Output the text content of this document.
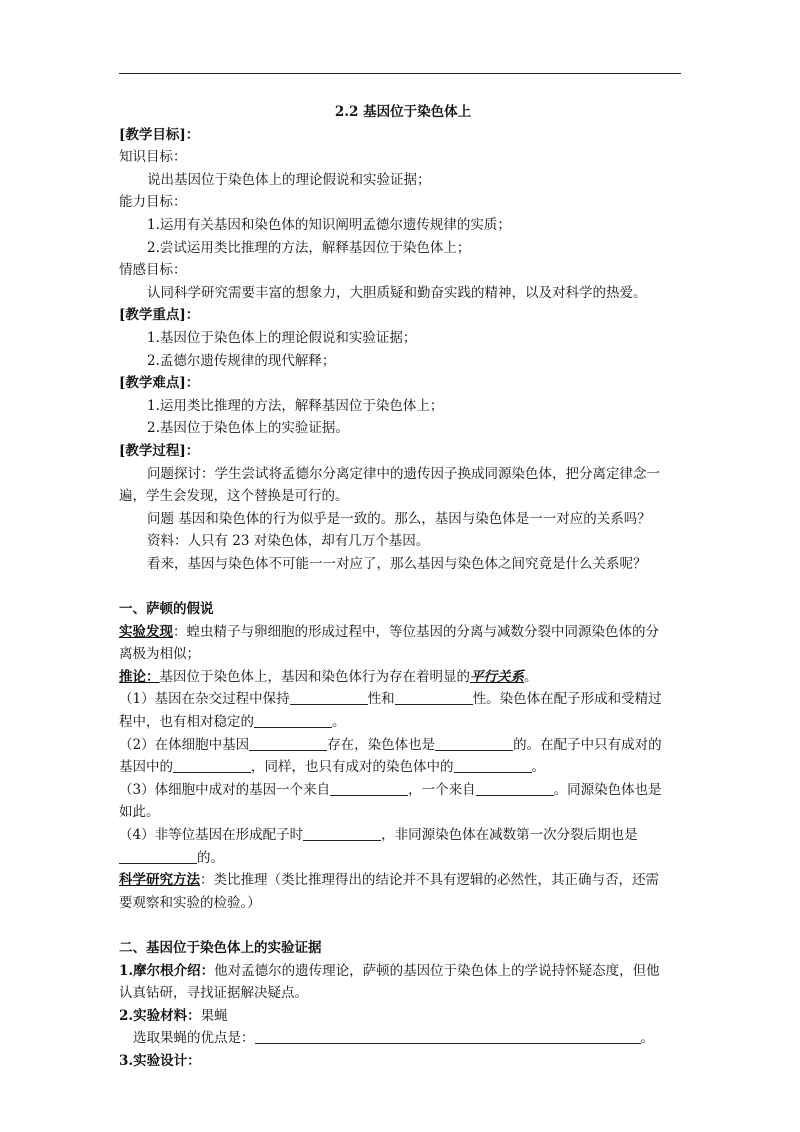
2.2 基因位于染色体上
[教学目标]：
知识目标：
说出基因位于染色体上的理论假说和实验证据；
能力目标：
1.运用有关基因和染色体的知识阐明孟德尔遗传规律的实质；
2.尝试运用类比推理的方法，解释基因位于染色体上；
情感目标：
认同科学研究需要丰富的想象力，大胆质疑和勤奋实践的精神，以及对科学的热爱。
[教学重点]：
1.基因位于染色体上的理论假说和实验证据；
2.孟德尔遗传规律的现代解释；
[教学难点]：
1.运用类比推理的方法，解释基因位于染色体上；
2.基因位于染色体上的实验证据。
[教学过程]：
问题探讨：学生尝试将孟德尔分离定律中的遗传因子换成同源染色体，把分离定律念一
遍，学生会发现，这个替换是可行的。
问题 基因和染色体的行为似乎是一致的。那么，基因与染色体是一一对应的关系吗？
资料：人只有 23 对染色体，却有几万个基因。
看来，基因与染色体不可能一一对应了，那么基因与染色体之间究竟是什么关系呢？
一、萨顿的假说
实验发现：蝗虫精子与卵细胞的形成过程中，等位基因的分离与减数分裂中同源染色体的分
离极为相似；
推论：基因位于染色体上，基因和染色体行为存在着明显的平行关系。
（1）基因在杂交过程中保持	性和	性。染色体在配子形成和受精过
程中，也有相对稳定的	。
（2）在体细胞中基因	存在，染色体也是	的。在配子中只有成对的
基因中的	，同样，也只有成对的染色体中的	。
（3）体细胞中成对的基因一个来自	，一个来自	。同源染色体也是
如此。
（4）非等位基因在形成配子时	，非同源染色体在减数第一次分裂后期也是
的。
科学研究方法：类比推理（类比推理得出的结论并不具有逻辑的必然性，其正确与否，还需
要观察和实验的检验。）
二、基因位于染色体上的实验证据
1.摩尔根介绍：他对孟德尔的遗传理论，萨顿的基因位于染色体上的学说持怀疑态度，但他
认真钻研，寻找证据解决疑点。
2.实验材料：果蝇
选取果蝇的优点是：	。
3.实验设计：
